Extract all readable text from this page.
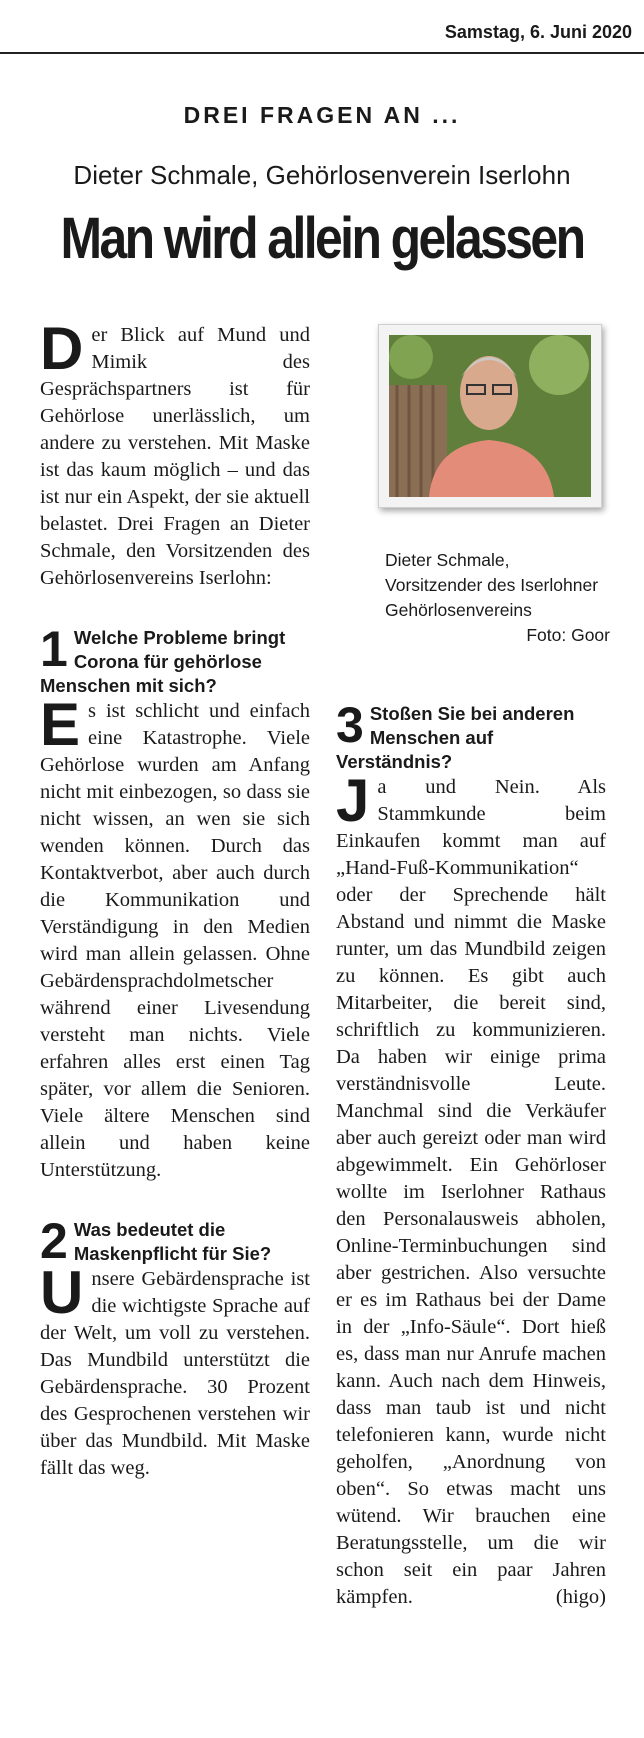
Samstag, 6. Juni 2020
DREI FRAGEN AN ...
Dieter Schmale, Gehörlosenverein Iserlohn
Man wird allein gelassen

D er Blick auf Mund und Mimik des Gesprächspartners ist für Gehörlose unerlässlich, um andere zu verstehen. Mit Maske ist das kaum möglich – und das ist nur ein Aspekt, der sie aktuell belastet. Drei Fragen an Dieter Schmale, den Vorsitzenden des Gehörlosenvereins Iserlohn:

1 Welche Probleme bringt Corona für gehörlose Menschen mit sich?

E s ist schlicht und einfach eine Katastrophe. Viele Gehörlose wurden am Anfang nicht mit einbezogen, so dass sie nicht wissen, an wen sie sich wenden können. Durch das Kontaktverbot, aber auch durch die Kommunikation und Verständigung in den Medien wird man allein gelassen. Ohne Gebärdensprachdolmetscher während einer Livesendung versteht man nichts. Viele erfahren alles erst einen Tag später, vor allem die Senioren. Viele ältere Menschen sind allein und haben keine Unterstützung.

2 Was bedeutet die Maskenpflicht für Sie?

U nsere Gebärdensprache ist die wichtigste Sprache auf der Welt, um voll zu verstehen. Das Mundbild unterstützt die Gebärdensprache. 30 Prozent des Gesprochenen verstehen wir über das Mundbild. Mit Maske fällt das weg.

Dieter Schmale, Vorsitzender des Iserlohner Gehörlosenvereins
Foto: Goor
3 Stoßen Sie bei anderen Menschen auf Verständnis?

J a und Nein. Als Stammkunde beim Einkaufen kommt man auf „Hand-Fuß-Kommunikation“ oder der Sprechende hält Abstand und nimmt die Maske runter, um das Mundbild zeigen zu können. Es gibt auch Mitarbeiter, die bereit sind, schriftlich zu kommunizieren. Da haben wir einige prima verständnisvolle Leute. Manchmal sind die Verkäufer aber auch gereizt oder man wird abgewimmelt. Ein Gehörloser wollte im Iserlohner Rathaus den Personalausweis abholen, Online-Terminbuchungen sind aber gestrichen. Also versuchte er es im Rathaus bei der Dame in der „Info-Säule“. Dort hieß es, dass man nur Anrufe machen kann. Auch nach dem Hinweis, dass man taub ist und nicht telefonieren kann, wurde nicht geholfen, „Anordnung von oben“. So etwas macht uns wütend. Wir brauchen eine Beratungsstelle, um die wir schon seit ein paar Jahren kämpfen.	(higo)
